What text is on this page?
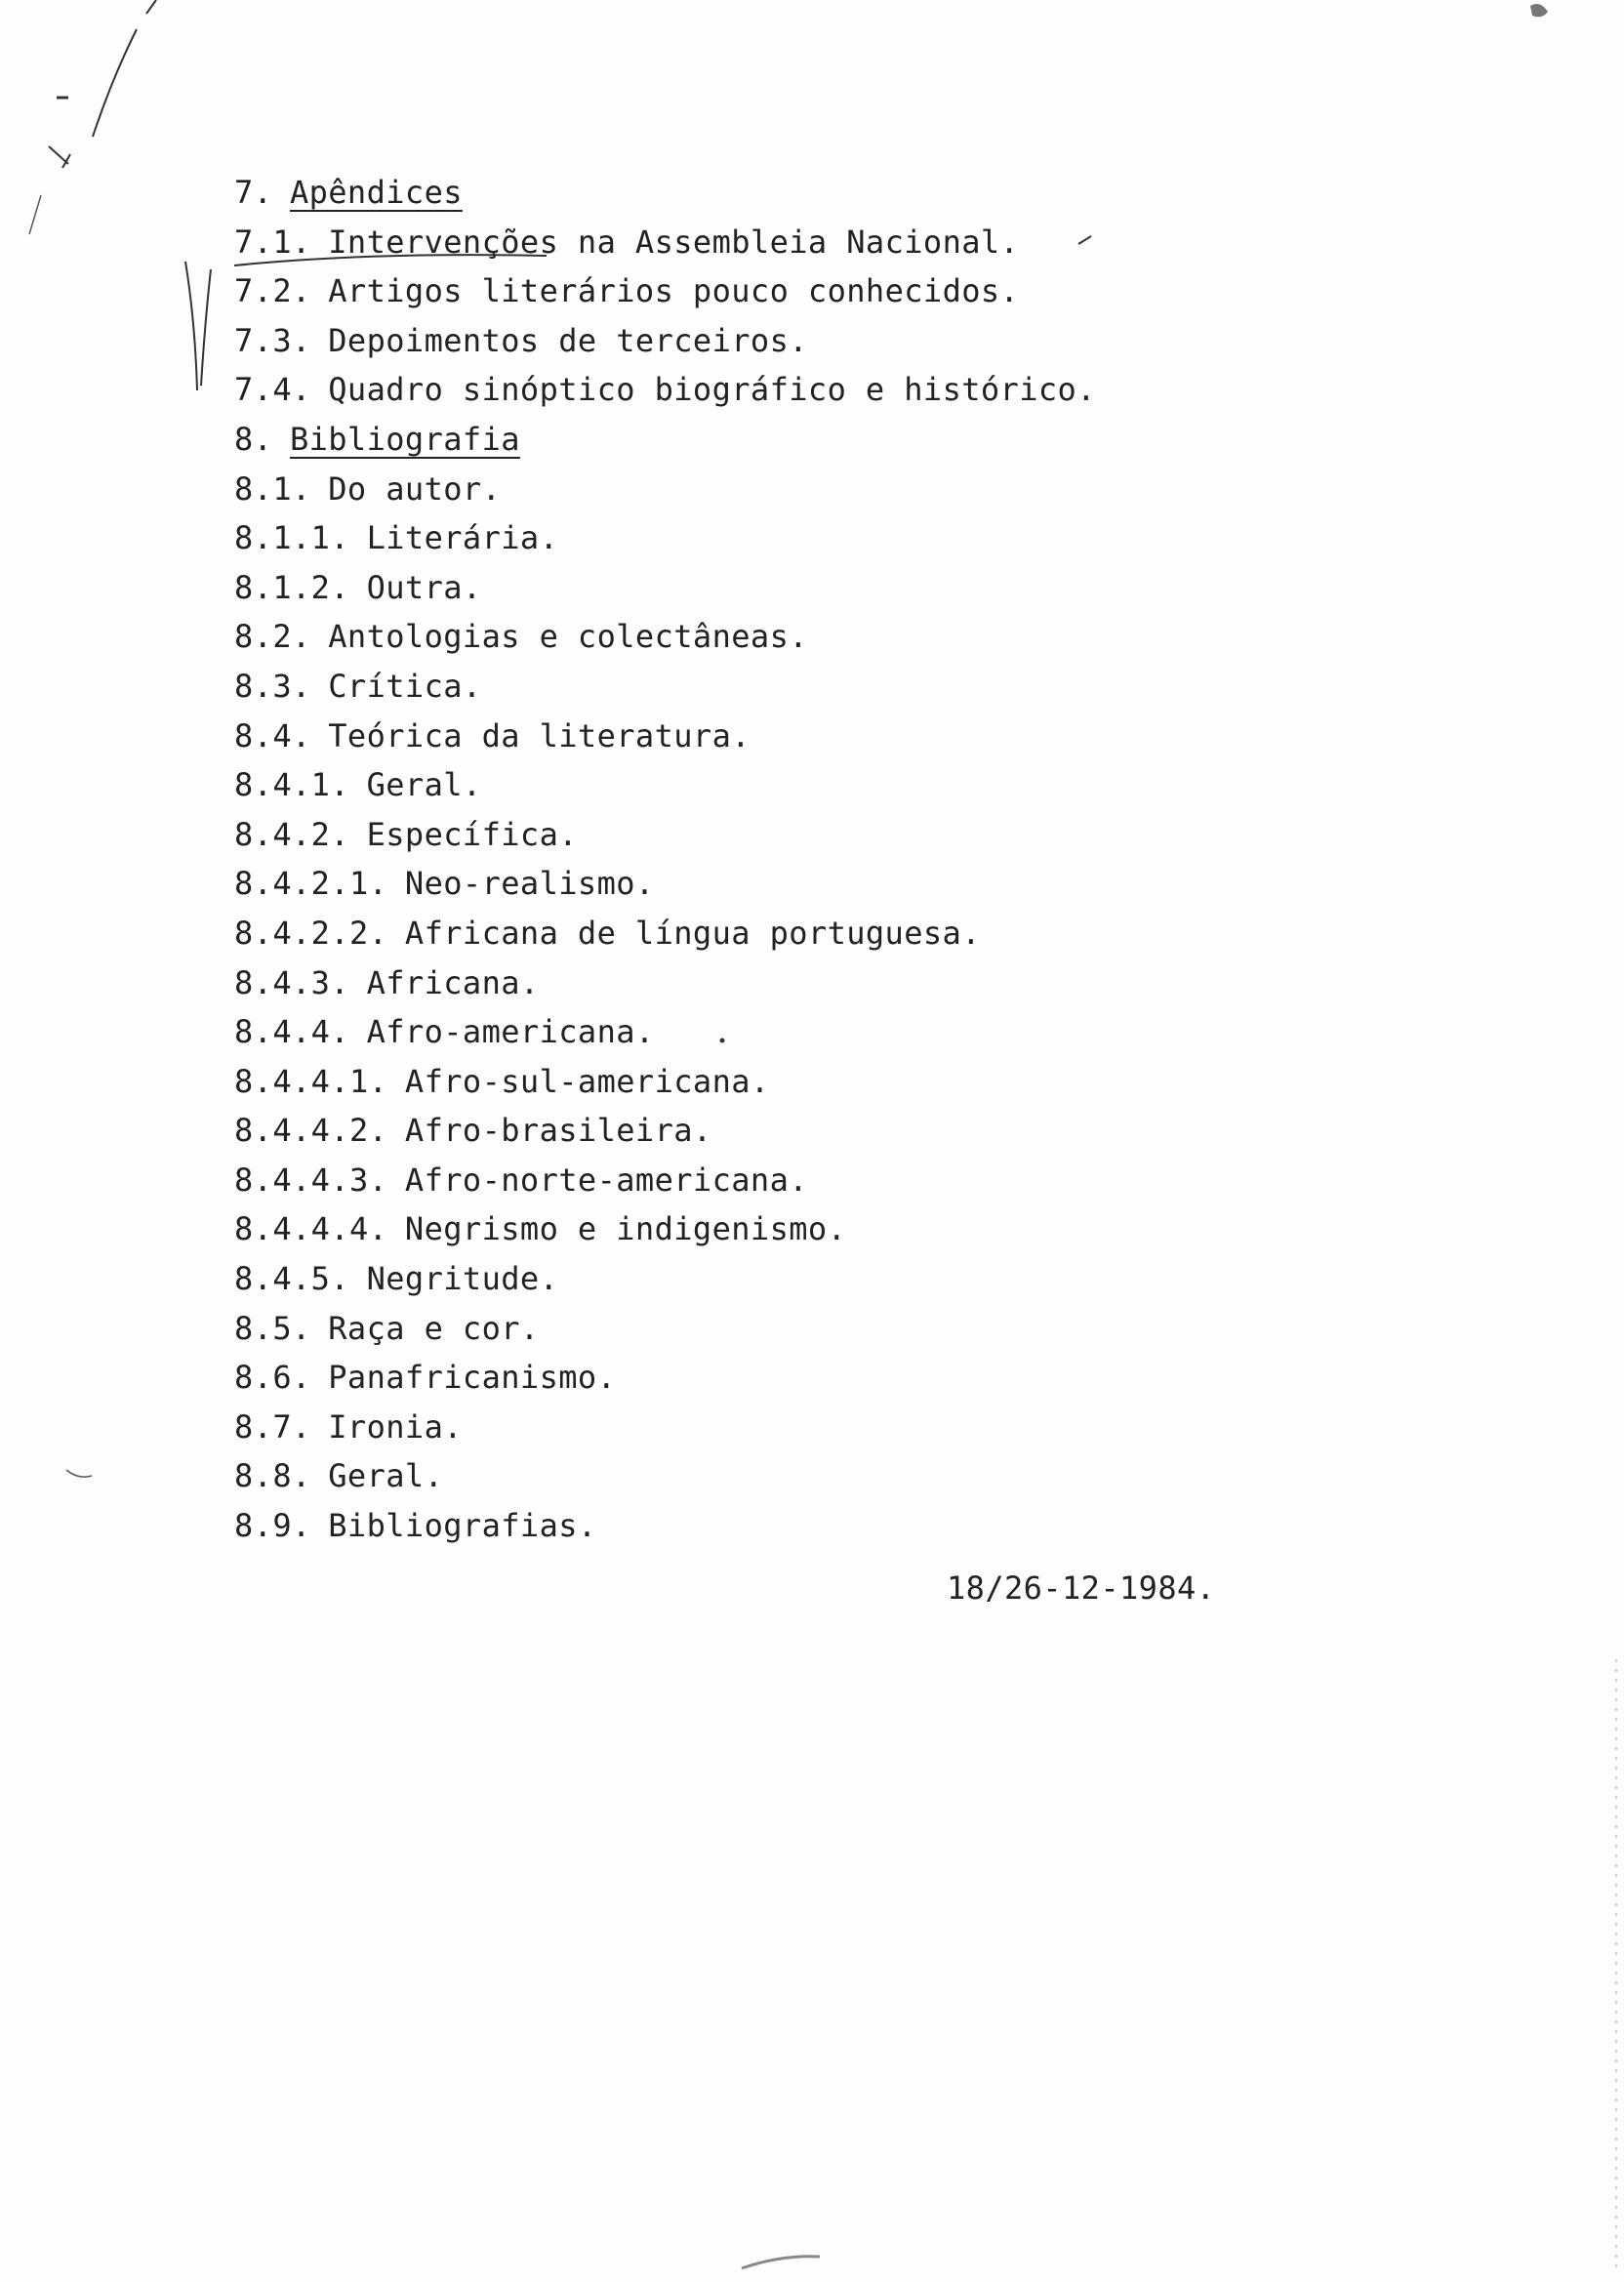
7. Apêndices
7.1. Intervenções na Assembleia Nacional.
7.2. Artigos literários pouco conhecidos.
7.3. Depoimentos de terceiros.
7.4. Quadro sinóptico biográfico e histórico.
8. Bibliografia
8.1. Do autor.
8.1.1. Literária.
8.1.2. Outra.
8.2. Antologias e colectâneas.
8.3. Crítica.
8.4. Teórica da literatura.
8.4.1. Geral.
8.4.2. Específica.
8.4.2.1. Neo-realismo.
8.4.2.2. Africana de língua portuguesa.
8.4.3. Africana.
8.4.4. Afro-americana.
8.4.4.1. Afro-sul-americana.
8.4.4.2. Afro-brasileira.
8.4.4.3. Afro-norte-americana.
8.4.4.4. Negrismo e indigenismo.
8.4.5. Negritude.
8.5. Raça e cor.
8.6. Panafricanismo.
8.7. Ironia.
8.8. Geral.
8.9. Bibliografias.
18/26-12-1984.
